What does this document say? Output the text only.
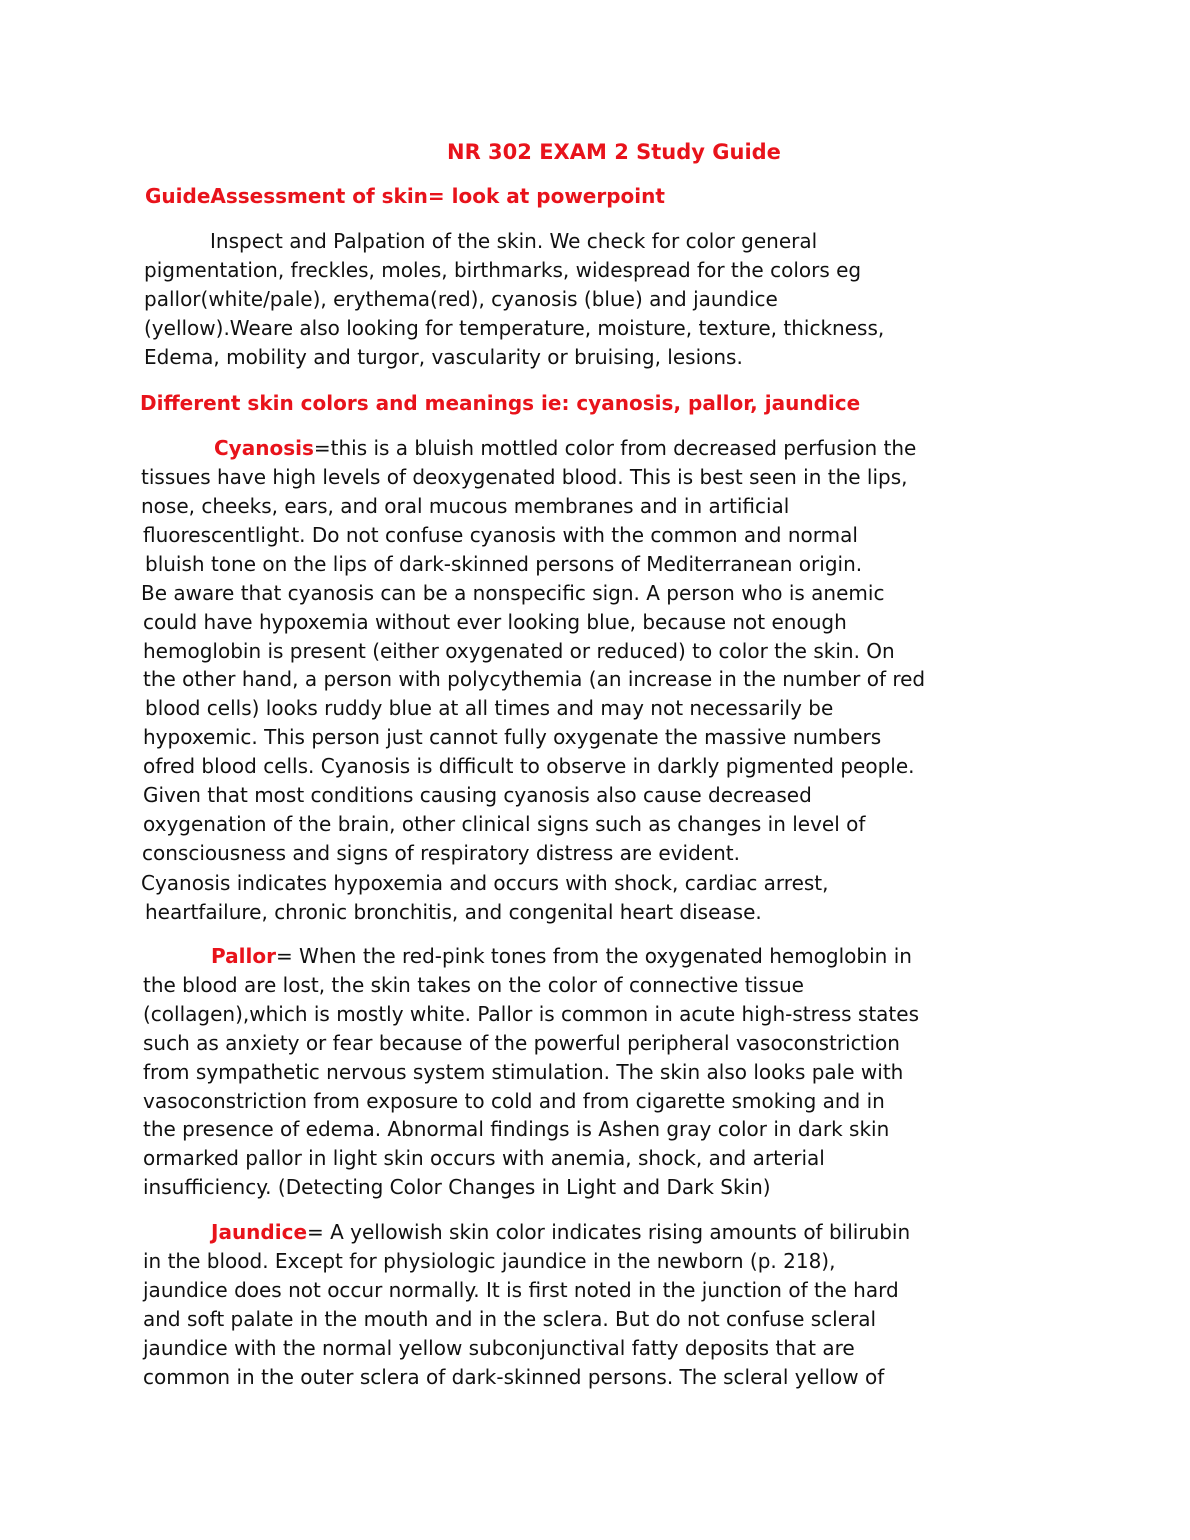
NR 302 EXAM 2 Study Guide
GuideAssessment of skin= look at powerpoint
Inspect and Palpation of the skin. We check for color general
pigmentation, freckles, moles, birthmarks, widespread for the colors eg
pallor(white/pale), erythema(red), cyanosis (blue) and jaundice
(yellow).Weare also looking for temperature, moisture, texture, thickness,
Edema, mobility and turgor, vascularity or bruising, lesions.
Different skin colors and meanings ie: cyanosis, pallor, jaundice
Cyanosis=this is a bluish mottled color from decreased perfusion the
tissues have high levels of deoxygenated blood. This is best seen in the lips,
nose, cheeks, ears, and oral mucous membranes and in artificial
fluorescentlight. Do not confuse cyanosis with the common and normal
bluish tone on the lips of dark-skinned persons of Mediterranean origin.
Be aware that cyanosis can be a nonspecific sign. A person who is anemic
could have hypoxemia without ever looking blue, because not enough
hemoglobin is present (either oxygenated or reduced) to color the skin. On
the other hand, a person with polycythemia (an increase in the number of red
blood cells) looks ruddy blue at all times and may not necessarily be
hypoxemic. This person just cannot fully oxygenate the massive numbers
ofred blood cells. Cyanosis is difficult to observe in darkly pigmented people.
Given that most conditions causing cyanosis also cause decreased
oxygenation of the brain, other clinical signs such as changes in level of
consciousness and signs of respiratory distress are evident.
Cyanosis indicates hypoxemia and occurs with shock, cardiac arrest,
heartfailure, chronic bronchitis, and congenital heart disease.
Pallor= When the red-pink tones from the oxygenated hemoglobin in
the blood are lost, the skin takes on the color of connective tissue
(collagen),which is mostly white. Pallor is common in acute high-stress states
such as anxiety or fear because of the powerful peripheral vasoconstriction
from sympathetic nervous system stimulation. The skin also looks pale with
vasoconstriction from exposure to cold and from cigarette smoking and in
the presence of edema. Abnormal findings is Ashen gray color in dark skin
ormarked pallor in light skin occurs with anemia, shock, and arterial
insufficiency. (Detecting Color Changes in Light and Dark Skin)
Jaundice= A yellowish skin color indicates rising amounts of bilirubin
in the blood. Except for physiologic jaundice in the newborn (p. 218),
jaundice does not occur normally. It is first noted in the junction of the hard
and soft palate in the mouth and in the sclera. But do not confuse scleral
jaundice with the normal yellow subconjunctival fatty deposits that are
common in the outer sclera of dark-skinned persons. The scleral yellow of
